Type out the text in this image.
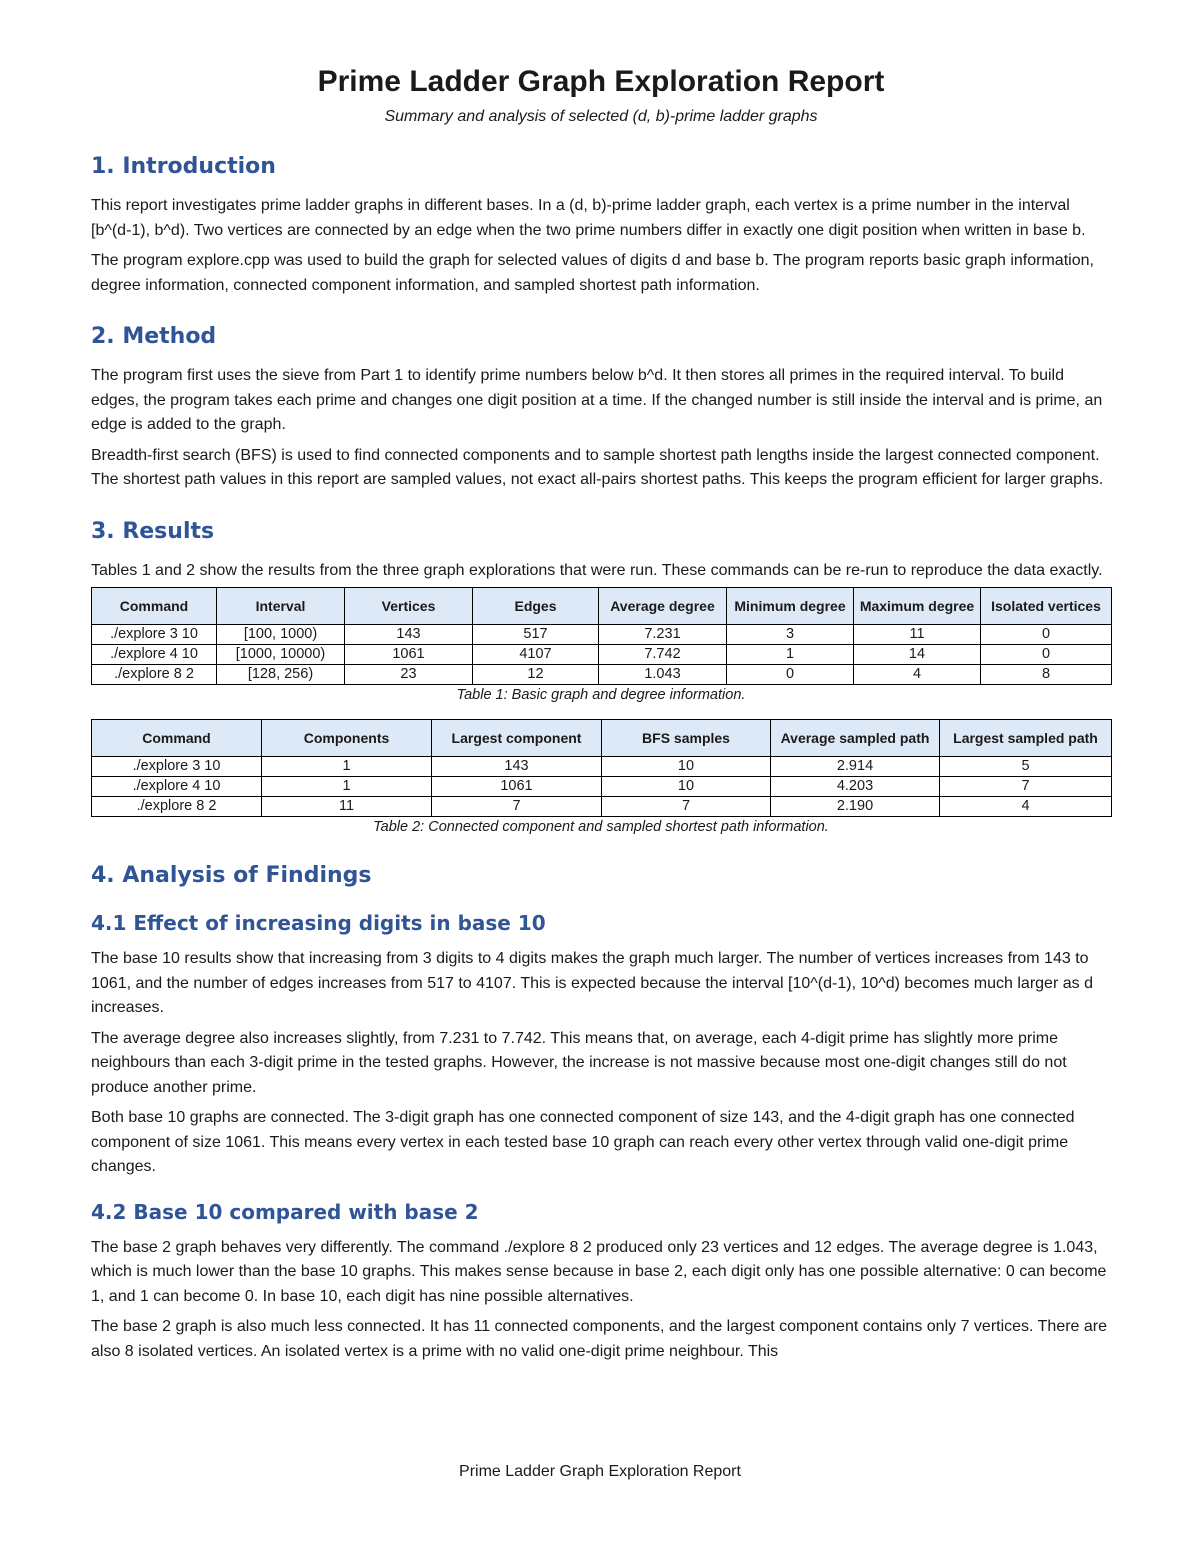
Prime Ladder Graph Exploration Report
Summary and analysis of selected (d, b)-prime ladder graphs
1. Introduction

This report investigates prime ladder graphs in different bases. In a (d, b)-prime ladder graph, each vertex is a prime number in the interval [b^(d-1), b^d). Two vertices are connected by an edge when the two prime numbers differ in exactly one digit position when written in base b.

The program explore.cpp was used to build the graph for selected values of digits d and base b. The program reports basic graph information, degree information, connected component information, and sampled shortest path information.

2. Method

The program first uses the sieve from Part 1 to identify prime numbers below b^d. It then stores all primes in the required interval. To build edges, the program takes each prime and changes one digit position at a time. If the changed number is still inside the interval and is prime, an edge is added to the graph.

Breadth-first search (BFS) is used to find connected components and to sample shortest path lengths inside the largest connected component. The shortest path values in this report are sampled values, not exact all-pairs shortest paths. This keeps the program efficient for larger graphs.

3. Results

Tables 1 and 2 show the results from the three graph explorations that were run. These commands can be re-run to reproduce the data exactly.

Command	Interval	Vertices	Edges	Average degree	Minimum degree	Maximum degree	Isolated vertices
./explore 3 10	[100, 1000)	143	517	7.231	3	11	0
./explore 4 10	[1000, 10000)	1061	4107	7.742	1	14	0
./explore 8 2	[128, 256)	23	12	1.043	0	4	8
Table 1: Basic graph and degree information.
Command	Components	Largest component	BFS samples	Average sampled path	Largest sampled path
./explore 3 10	1	143	10	2.914	5
./explore 4 10	1	1061	10	4.203	7
./explore 8 2	11	7	7	2.190	4
Table 2: Connected component and sampled shortest path information.
4. Analysis of Findings
4.1 Effect of increasing digits in base 10

The base 10 results show that increasing from 3 digits to 4 digits makes the graph much larger. The number of vertices increases from 143 to 1061, and the number of edges increases from 517 to 4107. This is expected because the interval [10^(d-1), 10^d) becomes much larger as d increases.

The average degree also increases slightly, from 7.231 to 7.742. This means that, on average, each 4-digit prime has slightly more prime neighbours than each 3-digit prime in the tested graphs. However, the increase is not massive because most one-digit changes still do not produce another prime.

Both base 10 graphs are connected. The 3-digit graph has one connected component of size 143, and the 4-digit graph has one connected component of size 1061. This means every vertex in each tested base 10 graph can reach every other vertex through valid one-digit prime changes.

4.2 Base 10 compared with base 2

The base 2 graph behaves very differently. The command ./explore 8 2 produced only 23 vertices and 12 edges. The average degree is 1.043, which is much lower than the base 10 graphs. This makes sense because in base 2, each digit only has one possible alternative: 0 can become 1, and 1 can become 0. In base 10, each digit has nine possible alternatives.

The base 2 graph is also much less connected. It has 11 connected components, and the largest component contains only 7 vertices. There are also 8 isolated vertices. An isolated vertex is a prime with no valid one-digit prime neighbour. This

Prime Ladder Graph Exploration Report
